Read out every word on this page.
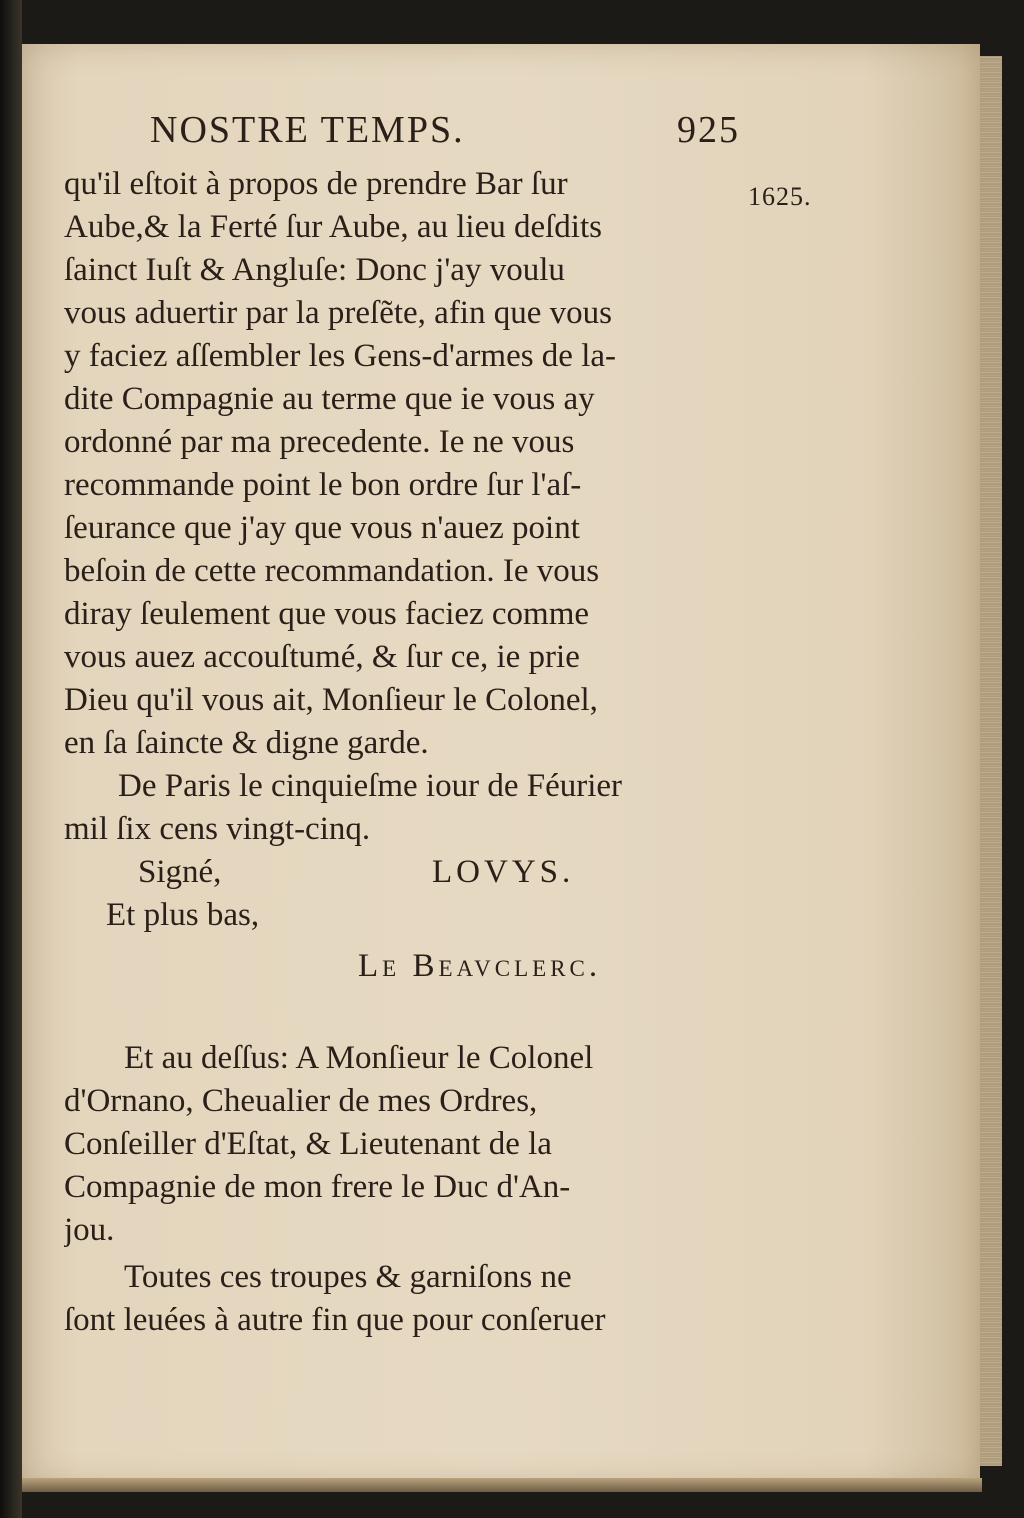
NOSTRE TEMPS.	925
1625.
qu'il eſtoit à propos de prendre Bar ſur
Aube,& la Ferté ſur Aube, au lieu deſdits
ſainct Iuſt & Angluſe: Donc j'ay voulu
vous aduertir par la preſẽte, afin que vous
y faciez aſſembler les Gens-d'armes de la-
dite Compagnie au terme que ie vous ay
ordonné par ma precedente. Ie ne vous
recommande point le bon ordre ſur l'aſ-
ſeurance que j'ay que vous n'auez point
beſoin de cette recommandation. Ie vous
diray ſeulement que vous faciez comme
vous auez accouſtumé, & ſur ce, ie prie
Dieu qu'il vous ait, Monſieur le Colonel,
en ſa ſaincte & digne garde.
De Paris le cinquieſme iour de Féurier
mil ſix cens vingt-cinq.
Signé,	LOVYS.
Et plus bas,
Le Beavclerc.
Et au deſſus: A Monſieur le Colonel
d'Ornano, Cheualier de mes Ordres,
Conſeiller d'Eſtat, & Lieutenant de la
Compagnie de mon frere le Duc d'An-
jou.
Toutes ces troupes & garniſons ne
ſont leuées à autre fin que pour conſeruer
